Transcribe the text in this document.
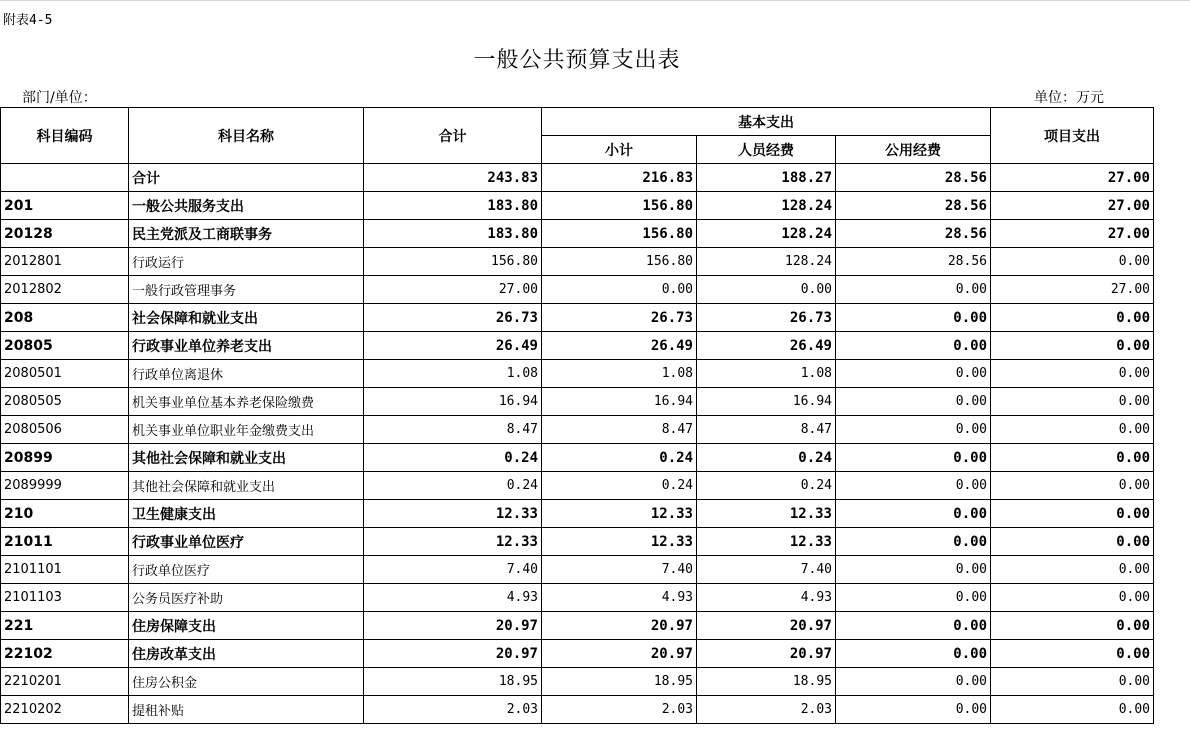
附表4-5
一般公共预算支出表
部门/单位：	单位：万元
科目编码	科目名称	合计	基本支出			项目支出
			小计	人员经费	公用经费	
	合计	243.83	216.83	188.27	28.56	27.00
201	一般公共服务支出	183.80	156.80	128.24	28.56	27.00
20128	民主党派及工商联事务	183.80	156.80	128.24	28.56	27.00
2012801	行政运行	156.80	156.80	128.24	28.56	0.00
2012802	一般行政管理事务	27.00	0.00	0.00	0.00	27.00
208	社会保障和就业支出	26.73	26.73	26.73	0.00	0.00
20805	行政事业单位养老支出	26.49	26.49	26.49	0.00	0.00
2080501	行政单位离退休	1.08	1.08	1.08	0.00	0.00
2080505	机关事业单位基本养老保险缴费	16.94	16.94	16.94	0.00	0.00
2080506	机关事业单位职业年金缴费支出	8.47	8.47	8.47	0.00	0.00
20899	其他社会保障和就业支出	0.24	0.24	0.24	0.00	0.00
2089999	其他社会保障和就业支出	0.24	0.24	0.24	0.00	0.00
210	卫生健康支出	12.33	12.33	12.33	0.00	0.00
21011	行政事业单位医疗	12.33	12.33	12.33	0.00	0.00
2101101	行政单位医疗	7.40	7.40	7.40	0.00	0.00
2101103	公务员医疗补助	4.93	4.93	4.93	0.00	0.00
221	住房保障支出	20.97	20.97	20.97	0.00	0.00
22102	住房改革支出	20.97	20.97	20.97	0.00	0.00
2210201	住房公积金	18.95	18.95	18.95	0.00	0.00
2210202	提租补贴	2.03	2.03	2.03	0.00	0.00
